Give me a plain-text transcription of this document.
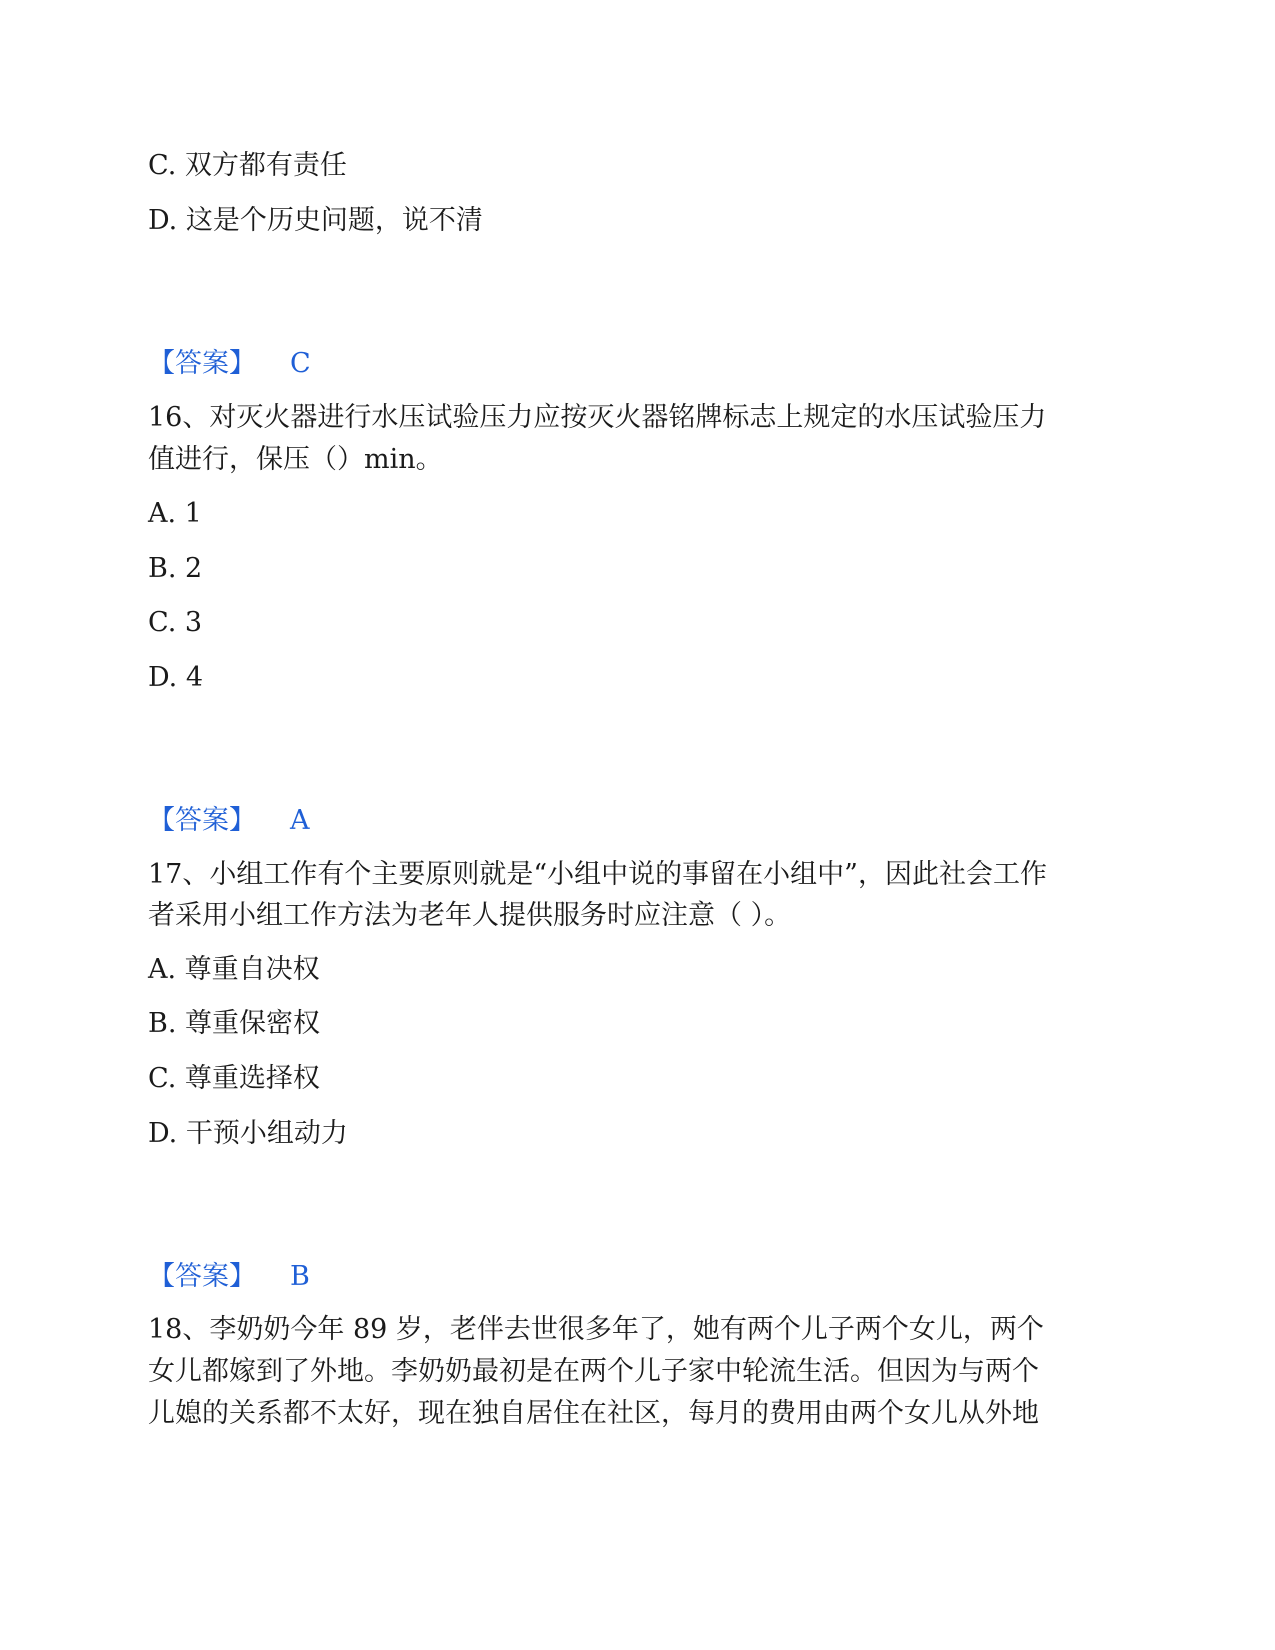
C. 双方都有责任
D. 这是个历史问题，说不清
【答案】 C
16、对灭火器进行水压试验压力应按灭火器铭牌标志上规定的水压试验压力
值进行，保压（）min。
A. 1
B. 2
C. 3
D. 4
【答案】 A
17、小组工作有个主要原则就是“小组中说的事留在小组中”，因此社会工作
者采用小组工作方法为老年人提供服务时应注意（ ）。
A. 尊重自决权
B. 尊重保密权
C. 尊重选择权
D. 干预小组动力
【答案】 B
18、李奶奶今年 89 岁，老伴去世很多年了，她有两个儿子两个女儿，两个
女儿都嫁到了外地。李奶奶最初是在两个儿子家中轮流生活。但因为与两个
儿媳的关系都不太好，现在独自居住在社区，每月的费用由两个女儿从外地
